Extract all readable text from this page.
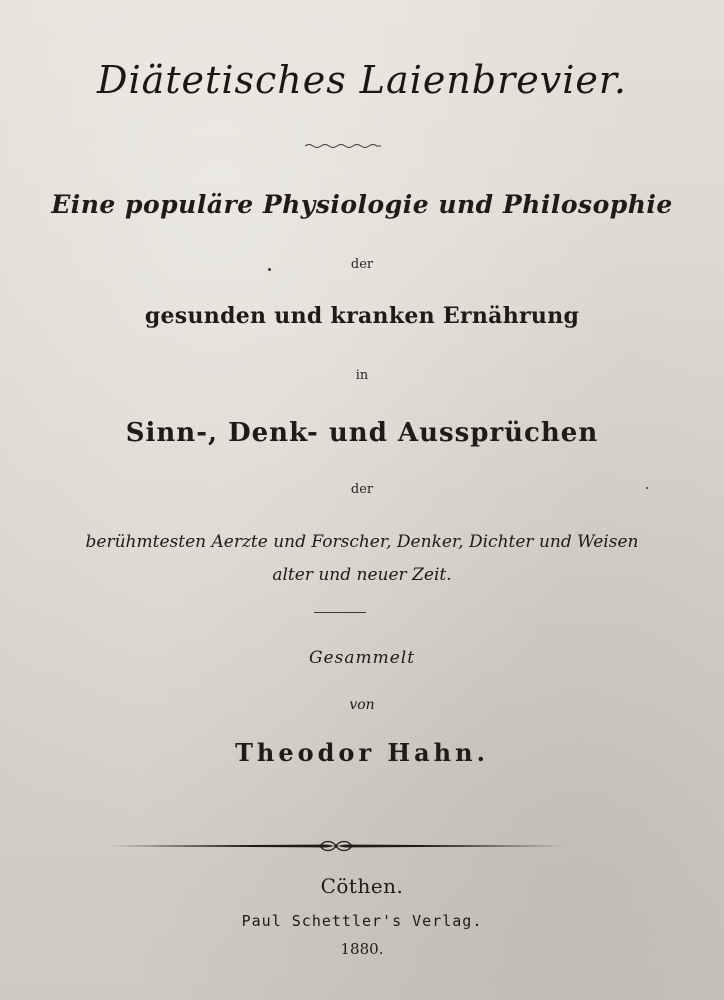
Diätetisches Laienbrevier.
Eine populäre Physiologie und Philosophie
der
gesunden und kranken Ernährung
in
Sinn-, Denk- und Aussprüchen
der
berühmtesten Aerzte und Forscher, Denker, Dichter und Weisen
alter und neuer Zeit.
Gesammelt
von
Theodor Hahn.
Cöthen.
Paul Schettler's Verlag.
1880.
